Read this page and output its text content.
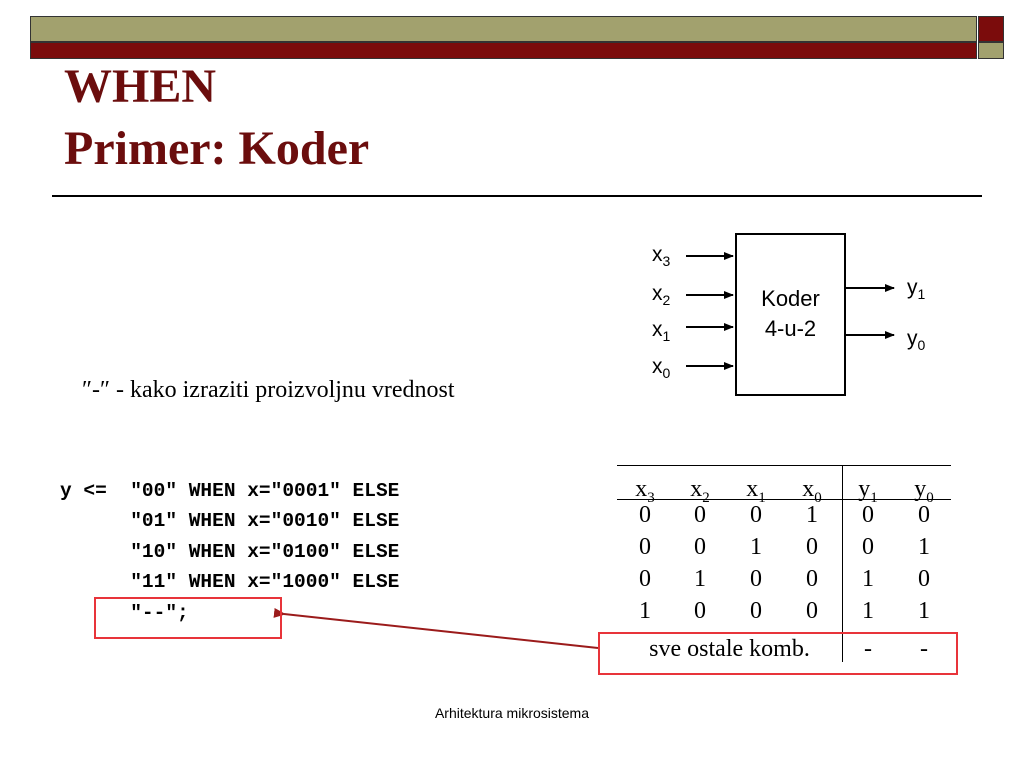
WHEN
Primer: Koder
Koder
4-u-2
$x_3$
$x_2$
$x_1$
$x_0$
$y_1$
$y_0$
″-″ - kako izraziti proizvoljnu vrednost
y <=  "00" WHEN x="0001" ELSE
"01" WHEN x="0010" ELSE
"10" WHEN x="0100" ELSE
"11" WHEN x="1000" ELSE
"--";
$x_3$	$x_2$	$x_1$	$x_0$	$y_1$	$y_0$
0	0	0	1	0	0
0	0	1	0	0	1
0	1	0	0	1	0
1	0	0	0	1	1
sve ostale komb.	-	-
Arhitektura mikrosistema
